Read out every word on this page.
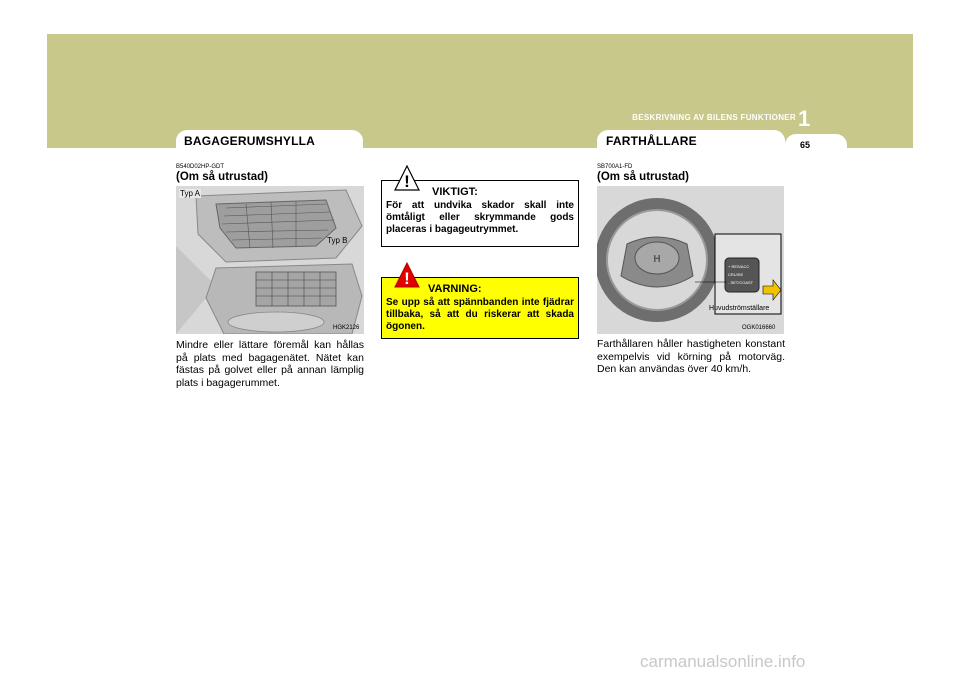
1
BESKRIVNING AV BILENS FUNKTIONER
65
BAGAGERUMSHYLLA
B540D02HP-GDT
(Om så utrustad)
Typ A
Typ B
HGK2126
Mindre eller lättare föremål kan hållas på plats med bagagenätet. Nätet kan fästas på golvet eller på annan lämplig plats i bagagerummet.
!
VIKTIGT:
För att undvika skador skall inte ömtåligt eller skrymmande gods placeras i bagageutrymmet.
!
VARNING:
Se upp så att spännbanden inte fjädrar tillbaka, så att du riskerar att skada ögonen.
FARTHÅLLARE
SB700A1-FD
(Om så utrustad)
H
+ RES/ACC
CRUISE
- SET/COAST
Huvudströmställare
OGK016660
Farthållaren håller hastigheten konstant exempelvis vid körning på motorväg. Den kan användas över 40 km/h.
carmanualsonline.info
